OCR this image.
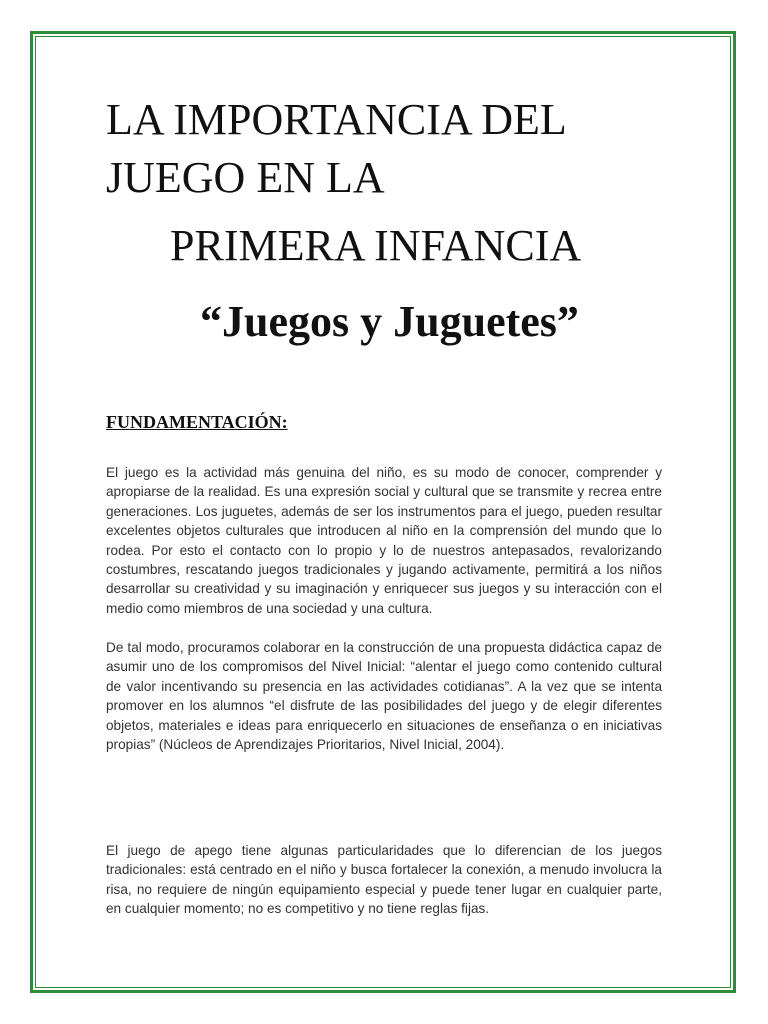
LA IMPORTANCIA DEL
JUEGO EN LA
PRIMERA INFANCIA
“Juegos y Juguetes”
FUNDAMENTACIÓN:

El juego es la actividad más genuina del niño, es su modo de conocer, comprender y apropiarse de la realidad. Es una expresión social y cultural que se transmite y recrea entre generaciones. Los juguetes, además de ser los instrumentos para el juego, pueden resultar excelentes objetos culturales que introducen al niño en la comprensión del mundo que lo rodea. Por esto el contacto con lo propio y lo de nuestros antepasados, revalorizando costumbres, rescatando juegos tradicionales y jugando activamente, permitirá a los niños desarrollar su creatividad y su imaginación y enriquecer sus juegos y su interacción con el medio como miembros de una sociedad y una cultura.

De tal modo, procuramos colaborar en la construcción de una propuesta didáctica capaz de asumir uno de los compromisos del Nivel Inicial: “alentar el juego como contenido cultural de valor incentivando su presencia en las actividades cotidianas”. A la vez que se intenta promover en los alumnos “el disfrute de las posibilidades del juego y de elegir diferentes objetos, materiales e ideas para enriquecerlo en situaciones de enseñanza o en iniciativas propias” (Núcleos de Aprendizajes Prioritarios, Nivel Inicial, 2004).

El juego de apego tiene algunas particularidades que lo diferencian de los juegos tradicionales: está centrado en el niño y busca fortalecer la conexión, a menudo involucra la risa, no requiere de ningún equipamiento especial y puede tener lugar en cualquier parte, en cualquier momento; no es competitivo y no tiene reglas fijas.
